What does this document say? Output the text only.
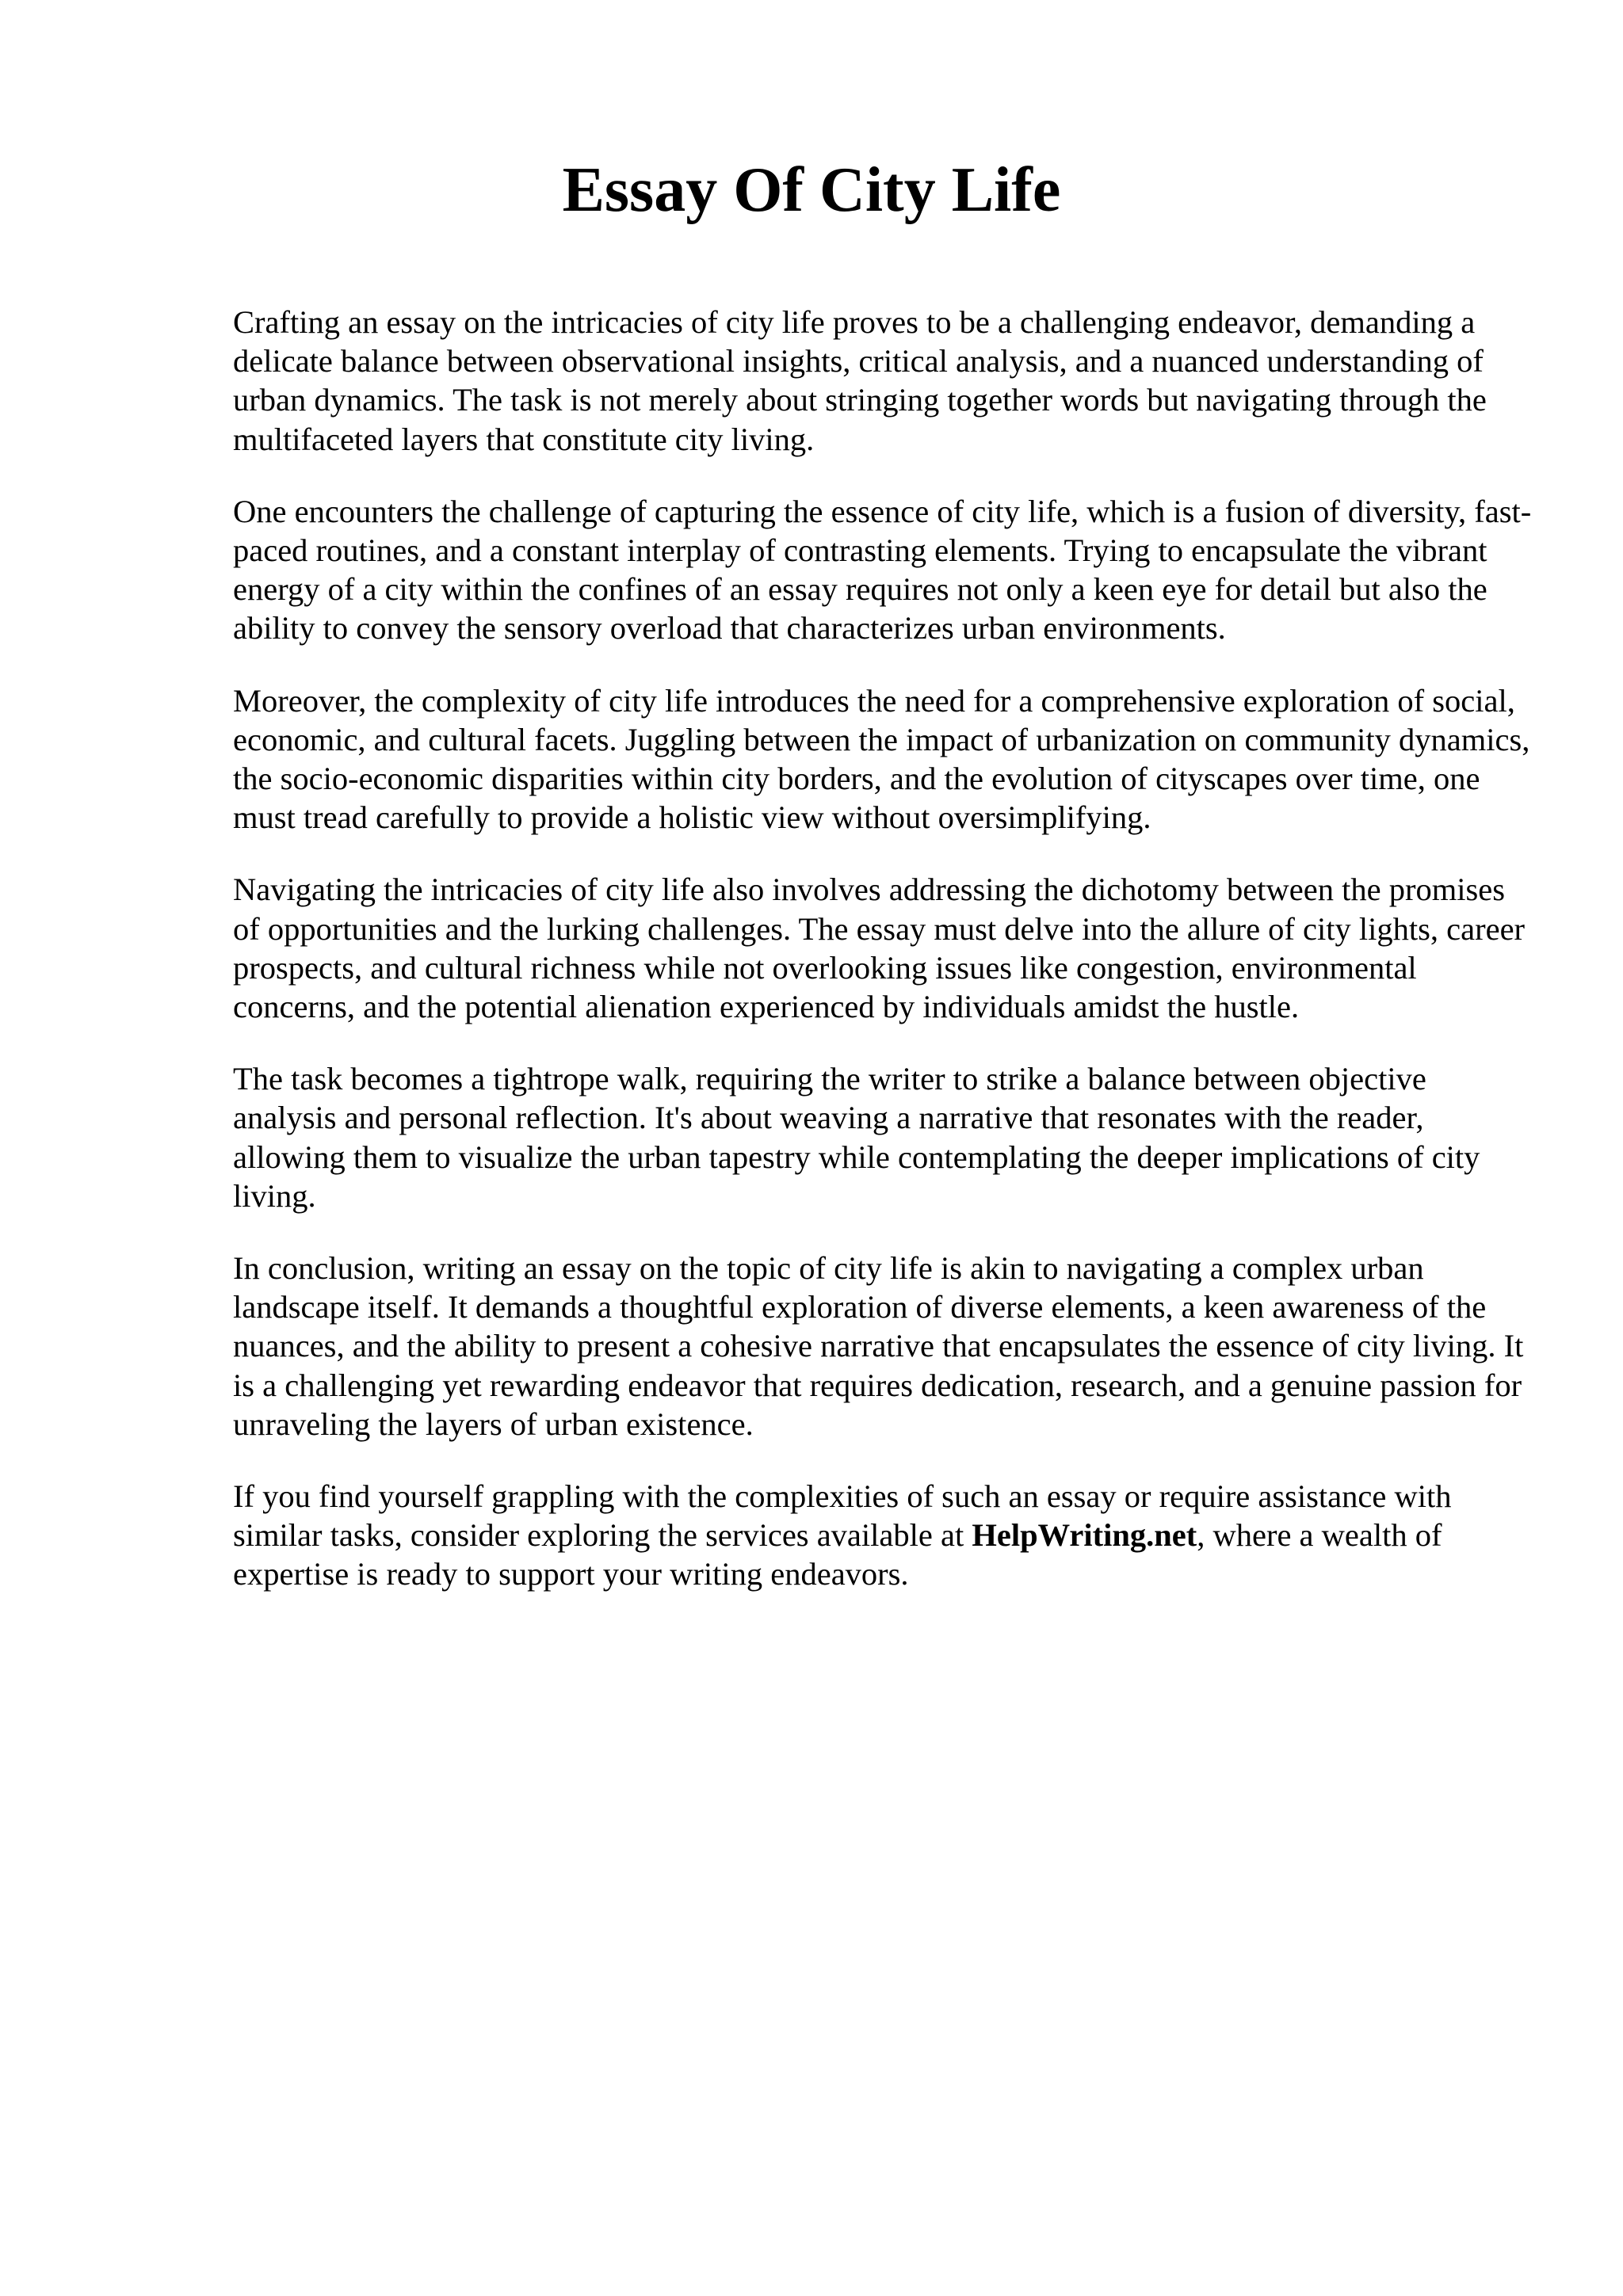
Essay Of City Life

Crafting an essay on the intricacies of city life proves to be a challenging endeavor, demanding a delicate balance between observational insights, critical analysis, and a nuanced understanding of urban dynamics. The task is not merely about stringing together words but navigating through the multifaceted layers that constitute city living.

One encounters the challenge of capturing the essence of city life, which is a fusion of diversity, fast-paced routines, and a constant interplay of contrasting elements. Trying to encapsulate the vibrant energy of a city within the confines of an essay requires not only a keen eye for detail but also the ability to convey the sensory overload that characterizes urban environments.

Moreover, the complexity of city life introduces the need for a comprehensive exploration of social, economic, and cultural facets. Juggling between the impact of urbanization on community dynamics, the socio-economic disparities within city borders, and the evolution of cityscapes over time, one must tread carefully to provide a holistic view without oversimplifying.

Navigating the intricacies of city life also involves addressing the dichotomy between the promises of opportunities and the lurking challenges. The essay must delve into the allure of city lights, career prospects, and cultural richness while not overlooking issues like congestion, environmental concerns, and the potential alienation experienced by individuals amidst the hustle.

The task becomes a tightrope walk, requiring the writer to strike a balance between objective analysis and personal reflection. It's about weaving a narrative that resonates with the reader, allowing them to visualize the urban tapestry while contemplating the deeper implications of city living.

In conclusion, writing an essay on the topic of city life is akin to navigating a complex urban landscape itself. It demands a thoughtful exploration of diverse elements, a keen awareness of the nuances, and the ability to present a cohesive narrative that encapsulates the essence of city living. It is a challenging yet rewarding endeavor that requires dedication, research, and a genuine passion for unraveling the layers of urban existence.

If you find yourself grappling with the complexities of such an essay or require assistance with similar tasks, consider exploring the services available at HelpWriting.net, where a wealth of expertise is ready to support your writing endeavors.
